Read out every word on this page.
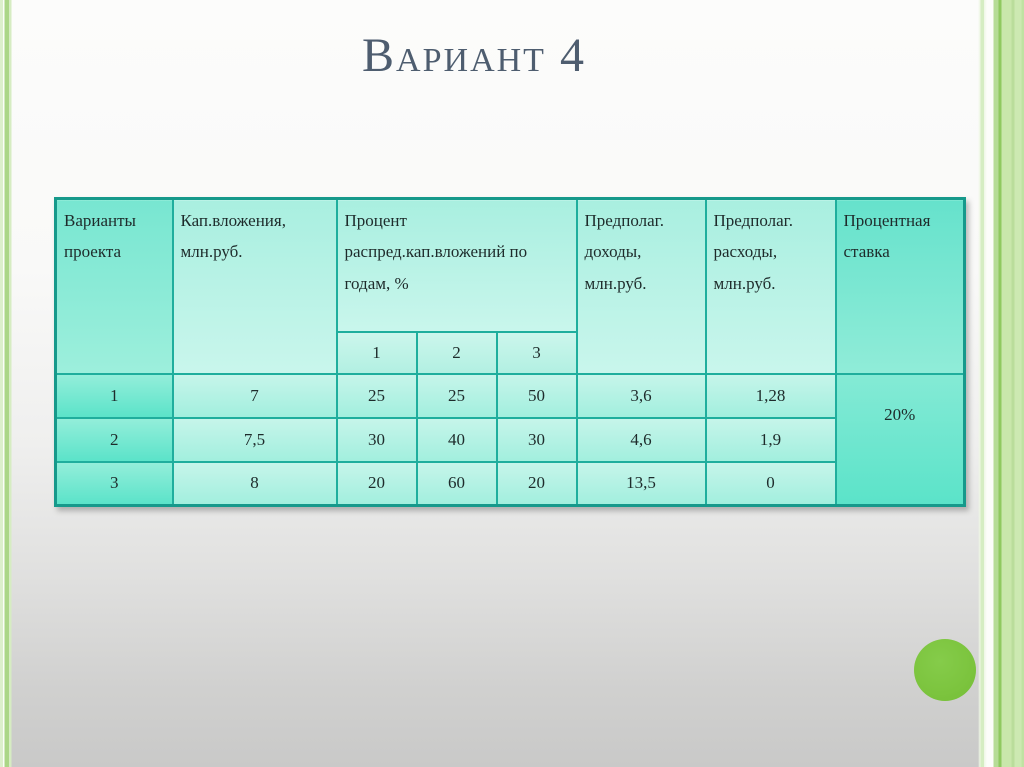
Вариант 4
Варианты проекта	Кап.вложения, млн.руб.	Процент распред.кап.вложений по годам, %			Предполаг. доходы, млн.руб.	Предполаг. расходы, млн.руб.	Процентная ставка
		1	2	3			
1	7	25	25	50	3,6	1,28	20%
2	7,5	30	40	30	4,6	1,9	
3	8	20	60	20	13,5	0	
